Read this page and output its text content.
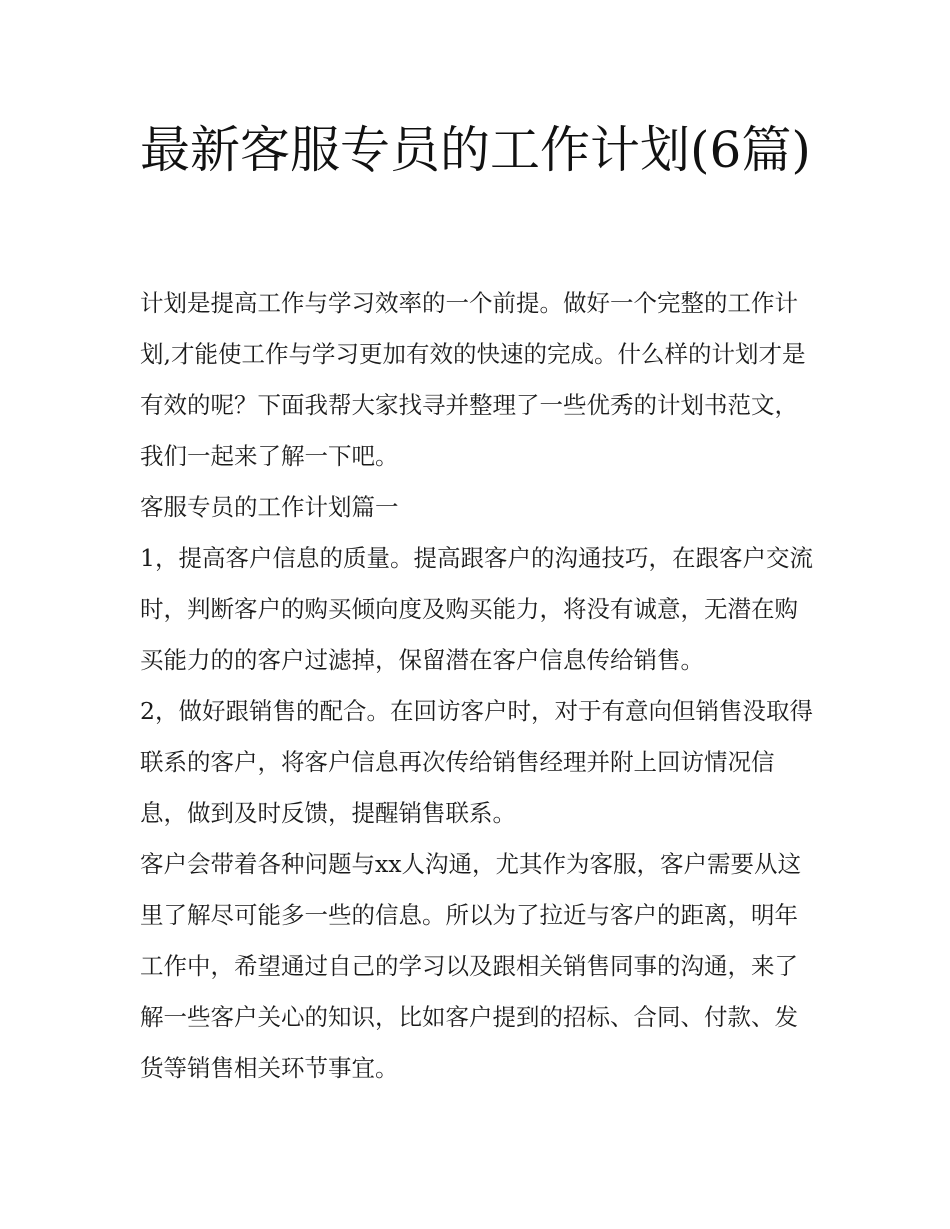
最新客服专员的工作计划(6篇)

计划是提高工作与学习效率的一个前提。做好一个完整的工作计划,才能使工作与学习更加有效的快速的完成。什么样的计划才是有效的呢？下面我帮大家找寻并整理了一些优秀的计划书范文，我们一起来了解一下吧。

客服专员的工作计划篇一

1，提高客户信息的质量。提高跟客户的沟通技巧，在跟客户交流时，判断客户的购买倾向度及购买能力，将没有诚意，无潜在购买能力的的客户过滤掉，保留潜在客户信息传给销售。

2，做好跟销售的配合。在回访客户时，对于有意向但销售没取得联系的客户，将客户信息再次传给销售经理并附上回访情况信息，做到及时反馈，提醒销售联系。

客户会带着各种问题与xx人沟通，尤其作为客服，客户需要从这里了解尽可能多一些的信息。所以为了拉近与客户的距离，明年工作中，希望通过自己的学习以及跟相关销售同事的沟通，来了解一些客户关心的知识，比如客户提到的招标、合同、付款、发货等销售相关环节事宜。
